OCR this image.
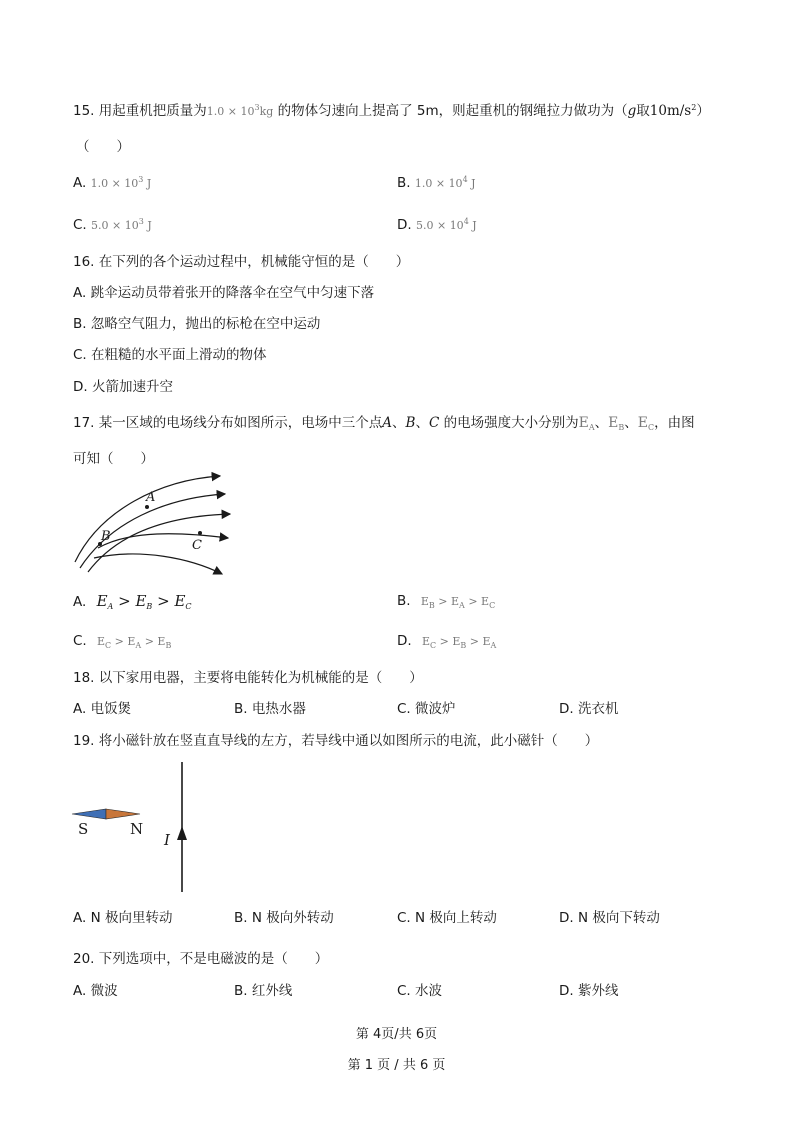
15. 用起重机把质量为$1.0 \times 10^3kg$ 的物体匀速向上提高了 5m，则起重机的钢绳拉力做功为（g取$10m/s^2$）
（　　）
A. $1.0 \times 10^3$ J	B. $1.0 \times 10^4$ J
C. $5.0 \times 10^3$ J	D. $5.0 \times 10^4$ J
16. 在下列的各个运动过程中，机械能守恒的是（　　）
A. 跳伞运动员带着张开的降落伞在空气中匀速下落
B. 忽略空气阻力，抛出的标枪在空中运动
C. 在粗糙的水平面上滑动的物体
D. 火箭加速升空
17. 某一区域的电场线分布如图所示，电场中三个点A、B、C 的电场强度大小分别为$E_A$、$E_B$、$E_C$，由图
可知（　　）
A
B
C
A. $E_A > E_B > E_C$	B. $E_B > E_A > E_C$
C. $E_C > E_A > E_B$	D. $E_C > E_B > E_A$
18. 以下家用电器，主要将电能转化为机械能的是（　　）
A. 电饭煲	B. 电热水器	C. 微波炉	D. 洗衣机
19. 将小磁针放在竖直直导线的左方，若导线中通以如图所示的电流，此小磁针（　　）
S	N
I
A. N 极向里转动	B. N 极向外转动	C. N 极向上转动	D. N 极向下转动
20. 下列选项中，不是电磁波的是（　　）
A. 微波	B. 红外线	C. 水波	D. 紫外线
第 4页/共 6页
第 1 页 / 共 6 页
